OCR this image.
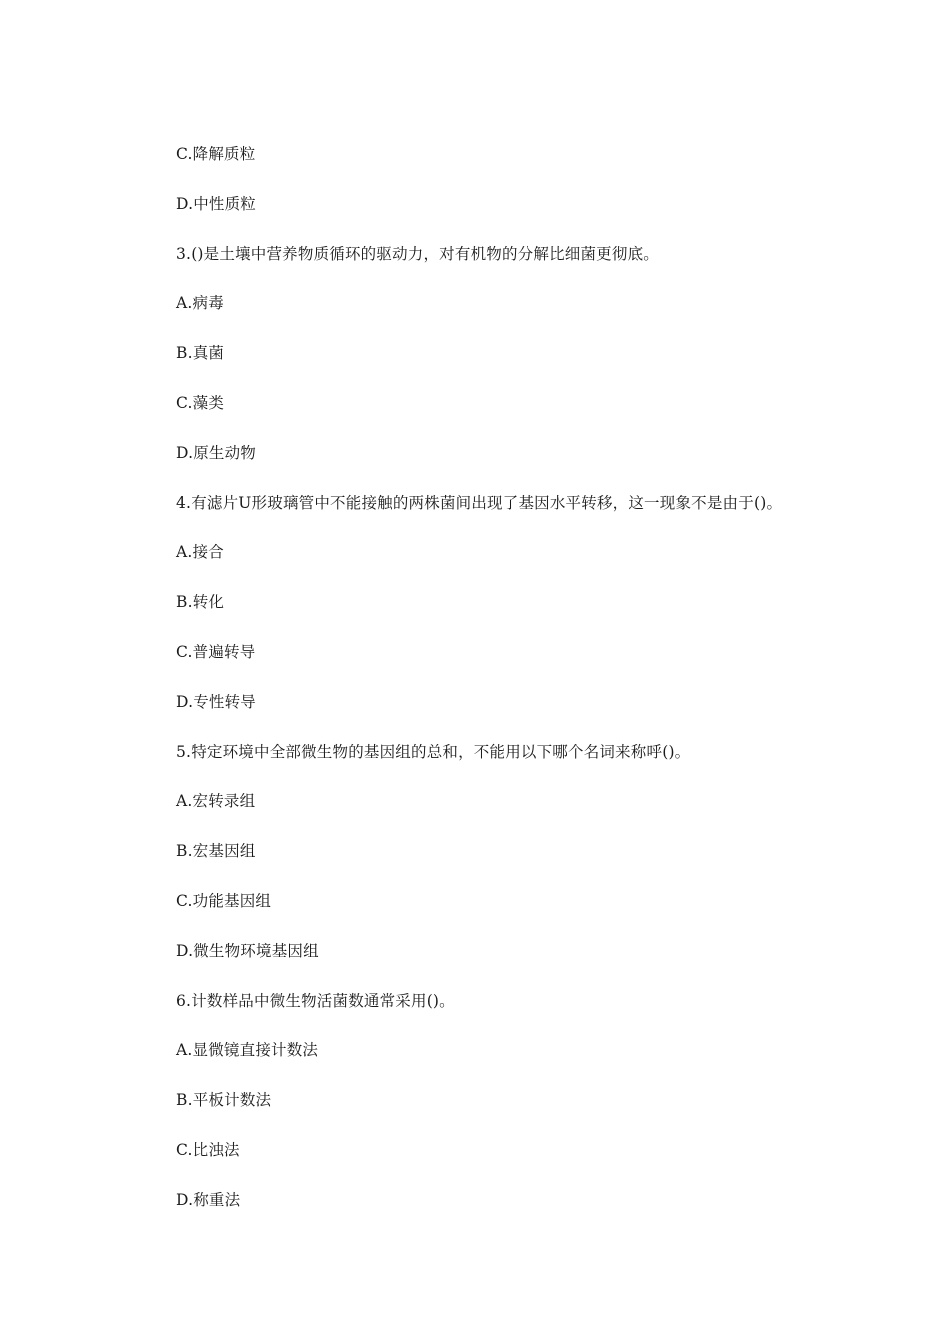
C.降解质粒
D.中性质粒
3.()是土壤中营养物质循环的驱动力，对有机物的分解比细菌更彻底。
A.病毒
B.真菌
C.藻类
D.原生动物
4.有滤片U形玻璃管中不能接触的两株菌间出现了基因水平转移，这一现象不是由于()。
A.接合
B.转化
C.普遍转导
D.专性转导
5.特定环境中全部微生物的基因组的总和，不能用以下哪个名词来称呼()。
A.宏转录组
B.宏基因组
C.功能基因组
D.微生物环境基因组
6.计数样品中微生物活菌数通常采用()。
A.显微镜直接计数法
B.平板计数法
C.比浊法
D.称重法
